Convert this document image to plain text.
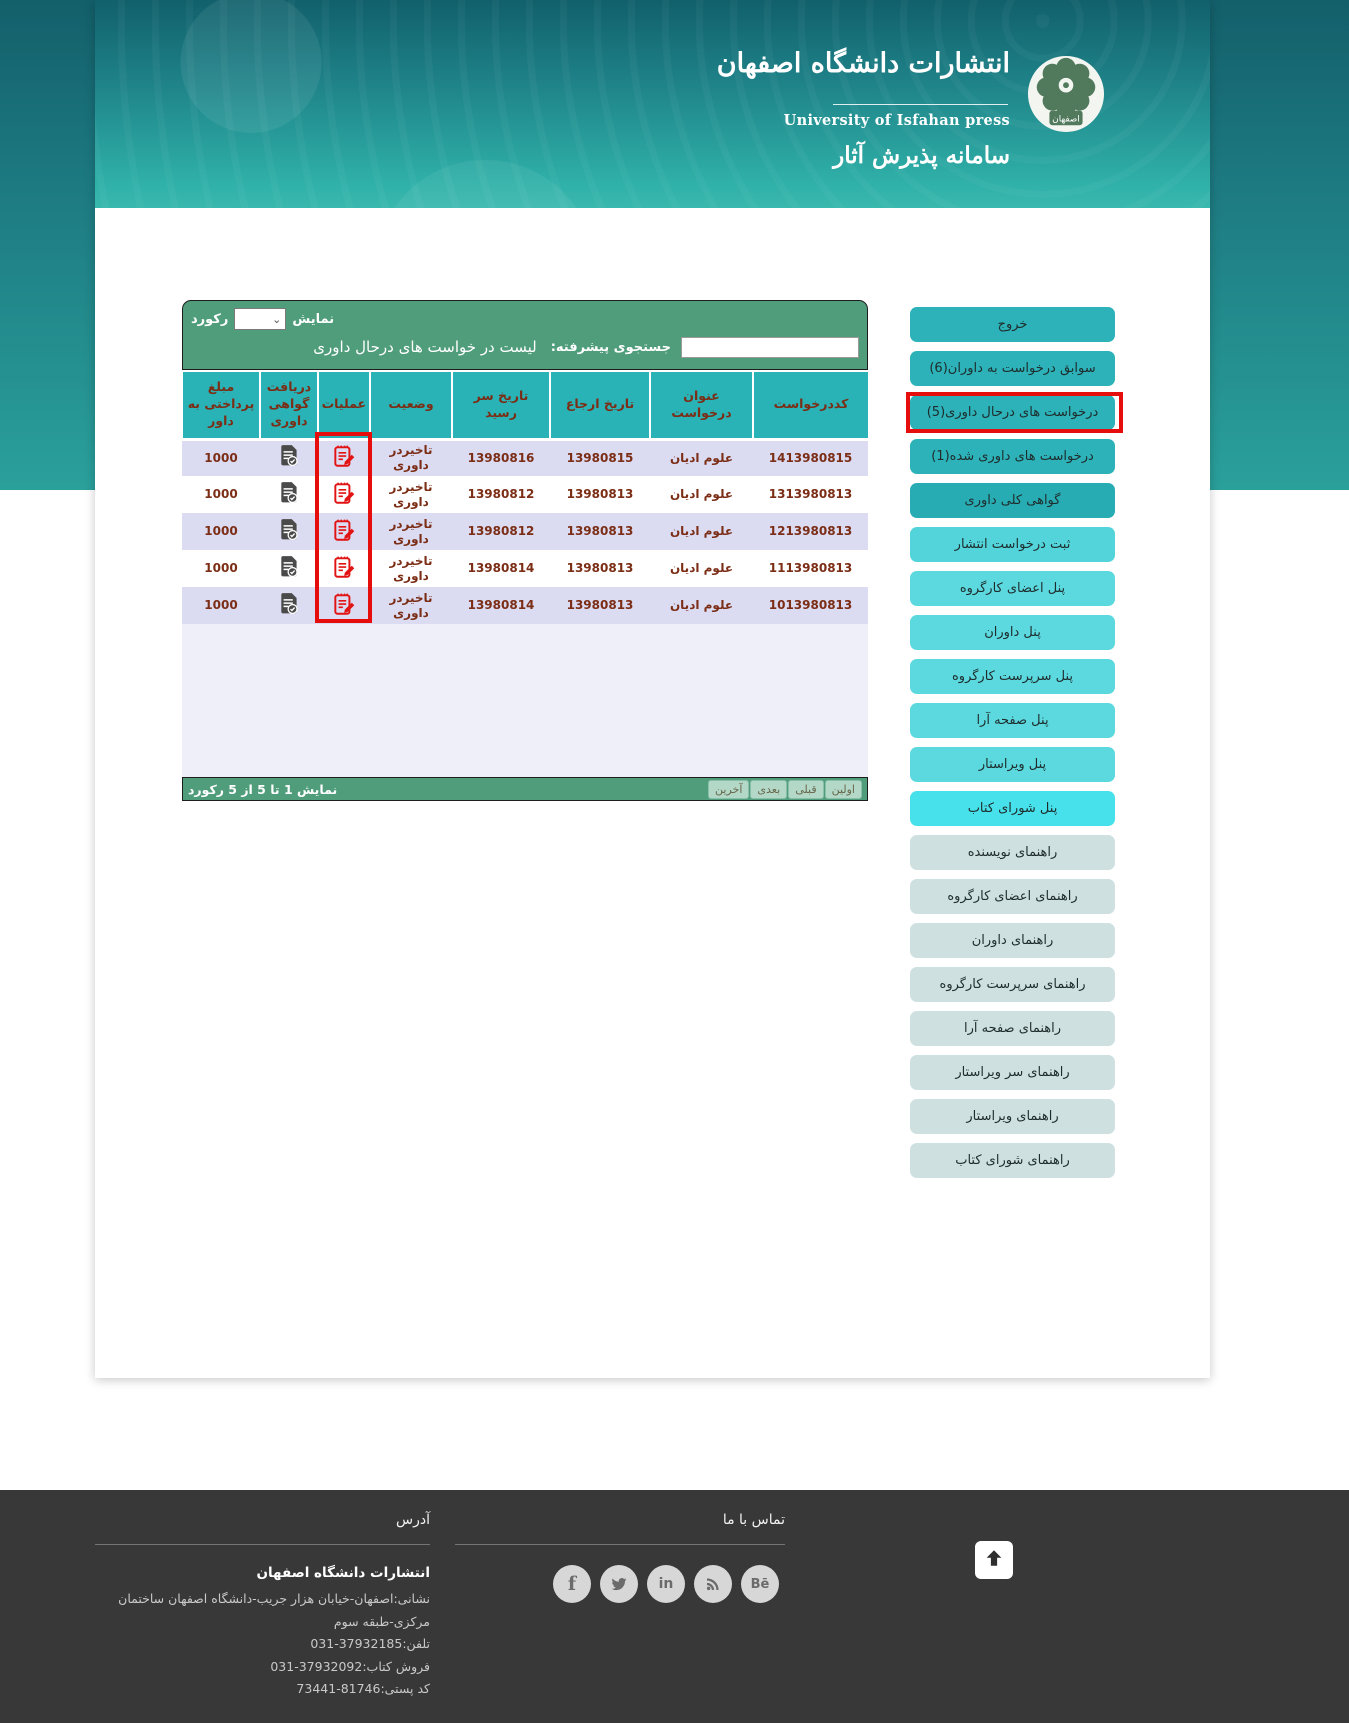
انتشارات دانشگاه اصفهان
University of Isfahan press
سامانه پذیرش آثار
اصفهان
خروج
سوابق درخواست به داوران(6)
درخواست های درحال داوری(5)
درخواست های داوری شده(1)
گواهی کلی داوری
ثبت درخواست انتشار
پنل اعضای کارگروه
پنل داوران
پنل سرپرست کارگروه
پنل صفحه آرا
پنل ویراستار
پنل شورای کتاب
راهنمای نویسنده
راهنمای اعضای کارگروه
راهنمای داوران
راهنمای سرپرست کارگروه
راهنمای صفحه آرا
راهنمای سر ویراستار
راهنمای ویراستار
راهنمای شورای کتاب
نمایش
⌄
رکورد
جستجوی پیشرفته:
لیست در خواست های درحال داوری
کددرخواست	عنوان درخواست	تاریخ ارجاع	تاریخ سر رسید	وضعیت	عملیات	دریافت گواهی داوری	مبلغ پرداختی به داور
1413980815	علوم ادیان	13980815	13980816	تاخیردر داوری			1000
1313980813	علوم ادیان	13980813	13980812	تاخیردر داوری			1000
1213980813	علوم ادیان	13980813	13980812	تاخیردر داوری			1000
1113980813	علوم ادیان	13980813	13980814	تاخیردر داوری			1000
1013980813	علوم ادیان	13980813	13980814	تاخیردر داوری			1000
اولین
قبلی
بعدی
آخرین
نمایش 1 تا 5 از 5 رکورد
آدرس
انتشارات دانشگاه اصفهان
نشانی:اصفهان-خیابان هزار جریب-دانشگاه اصفهان ساختمان مرکزی-طبقه سوم
تلفن:37932185-031
فروش کتاب:37932092-031
کد پستی:81746-73441
تماس با ما
f	in	Bē
